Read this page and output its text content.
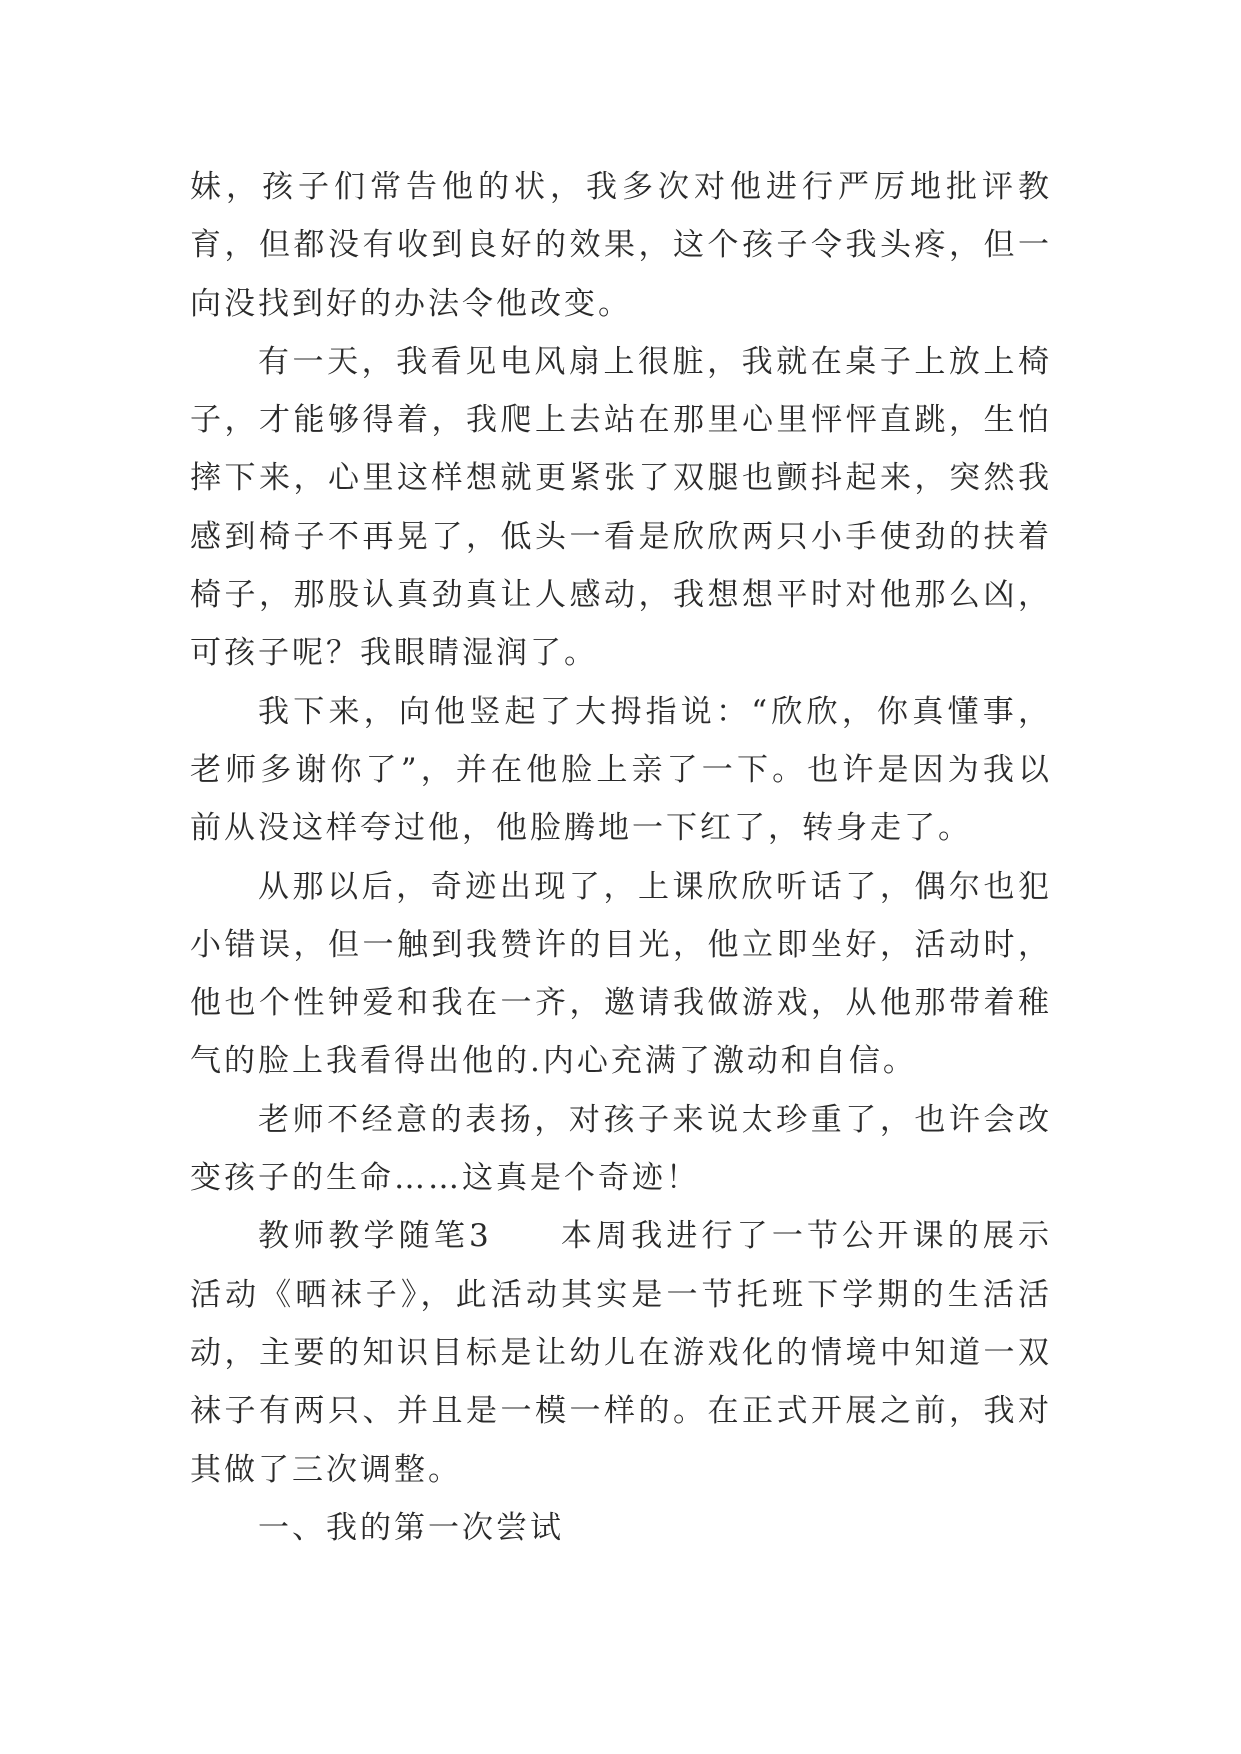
妹，孩子们常告他的状，我多次对他进行严厉地批评教育，但都没有收到良好的效果，这个孩子令我头疼，但一向没找到好的办法令他改变。

有一天，我看见电风扇上很脏，我就在桌子上放上椅子，才能够得着，我爬上去站在那里心里怦怦直跳，生怕摔下来，心里这样想就更紧张了双腿也颤抖起来，突然我感到椅子不再晃了，低头一看是欣欣两只小手使劲的扶着椅子，那股认真劲真让人感动，我想想平时对他那么凶，可孩子呢？我眼睛湿润了。

我下来，向他竖起了大拇指说：“欣欣，你真懂事，老师多谢你了”，并在他脸上亲了一下。也许是因为我以前从没这样夸过他，他脸腾地一下红了，转身走了。

从那以后，奇迹出现了，上课欣欣听话了，偶尔也犯小错误，但一触到我赞许的目光，他立即坐好，活动时，他也个性钟爱和我在一齐，邀请我做游戏，从他那带着稚气的脸上我看得出他的.内心充满了激动和自信。

老师不经意的表扬，对孩子来说太珍重了，也许会改变孩子的生命……这真是个奇迹！

教师教学随笔3 本周我进行了一节公开课的展示活动《晒袜子》，此活动其实是一节托班下学期的生活活动，主要的知识目标是让幼儿在游戏化的情境中知道一双袜子有两只、并且是一模一样的。在正式开展之前，我对其做了三次调整。

一、我的第一次尝试
